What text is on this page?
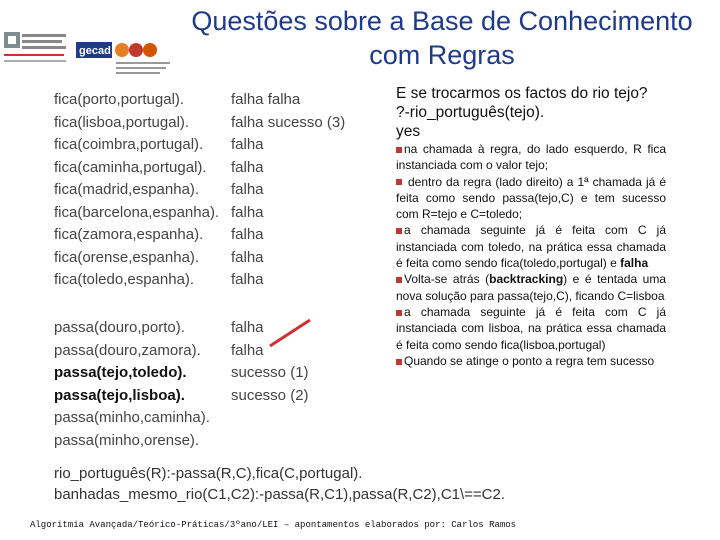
gecad
Questões sobre a Base de Conhecimento
com Regras
fica(porto,portugal).
fica(lisboa,portugal).
fica(coimbra,portugal).
fica(caminha,portugal).
fica(madrid,espanha).
fica(barcelona,espanha).
fica(zamora,espanha).
fica(orense,espanha).
fica(toledo,espanha).
falha falha
falha sucesso (3)
falha
falha
falha
falha
falha
falha
falha
passa(douro,porto).
passa(douro,zamora).
passa(tejo,toledo).
passa(tejo,lisboa).
passa(minho,caminha).
passa(minho,orense).
falha
falha
sucesso (1)
sucesso (2)
E se trocarmos os factos do rio tejo?
?-rio_português(tejo).
yes
na chamada à regra, do lado esquerdo, R fica instanciada com o valor tejo;
dentro da regra (lado direito) a 1ª chamada já é feita como sendo passa(tejo,C) e tem sucesso com R=tejo e C=toledo;
a chamada seguinte já é feita com C já instanciada com toledo, na prática essa chamada é feita como sendo fica(toledo,portugal) e falha
Volta-se atrás (backtracking) e é tentada uma nova solução para passa(tejo,C), ficando C=lisboa
a chamada seguinte já é feita com C já instanciada com lisboa, na prática essa chamada é feita como sendo fica(lisboa,portugal)
Quando se atinge o ponto a regra tem sucesso
rio_português(R):-passa(R,C),fica(C,portugal).
banhadas_mesmo_rio(C1,C2):-passa(R,C1),passa(R,C2),C1\==C2.
Algoritmia Avançada/Teórico-Práticas/3ºano/LEI – apontamentos elaborados por: Carlos Ramos
